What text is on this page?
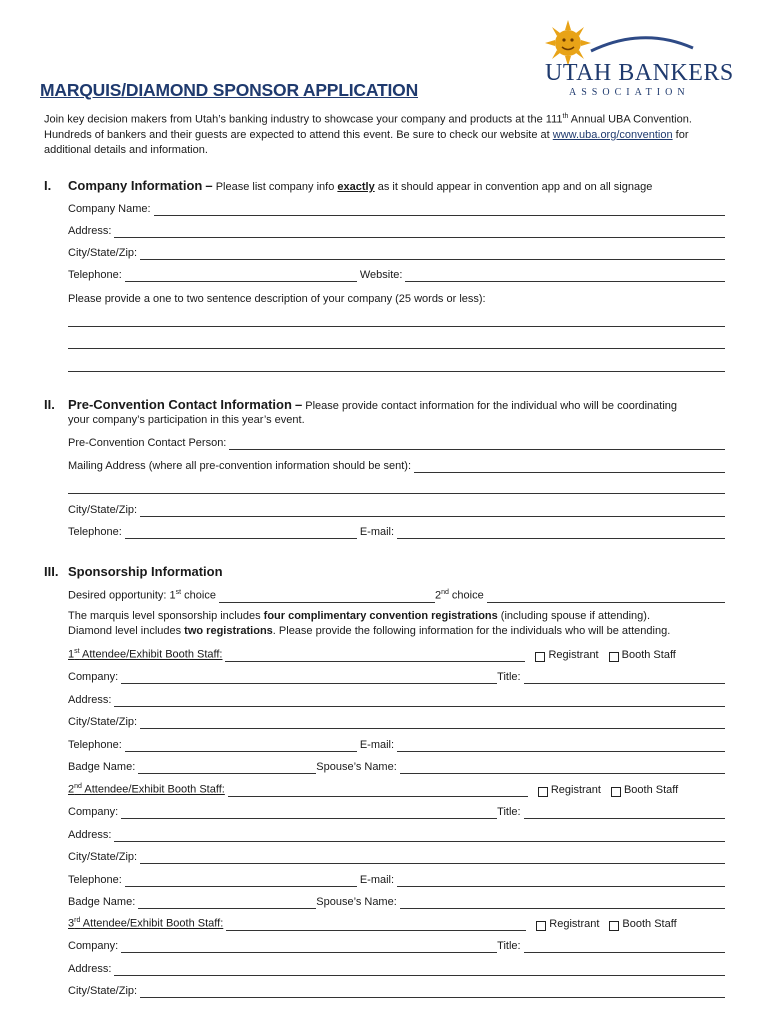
UTAH BANKERS
ASSOCIATION
MARQUIS/DIAMOND SPONSOR APPLICATION
Join key decision makers from Utah’s banking industry to showcase your company and products at the 111th Annual UBA Convention. Hundreds of bankers and their guests are expected to attend this event. Be sure to check our website at www.uba.org/convention for additional details and information.
I. Company Information – Please list company info exactly as it should appear in convention app and on all signage
Company Name:
Address:
City/State/Zip:
Telephone:	Website:
Please provide a one to two sentence description of your company (25 words or less):
II. Pre-Convention Contact Information – Please provide contact information for the individual who will be coordinating
your company’s participation in this year’s event.
Pre-Convention Contact Person:
Mailing Address (where all pre-convention information should be sent):
City/State/Zip:
Telephone:	E-mail:
III. Sponsorship Information
Desired opportunity: 1st choice	2nd choice
The marquis level sponsorship includes four complimentary convention registrations (including spouse if attending).
Diamond level includes two registrations. Please provide the following information for the individuals who will be attending.
1st Attendee/Exhibit Booth Staff:	Registrant Booth Staff
Company:	Title:
Address:
City/State/Zip:
Telephone:	E-mail:
Badge Name:	Spouse’s Name:
2nd Attendee/Exhibit Booth Staff:	Registrant Booth Staff
Company:	Title:
Address:
City/State/Zip:
Telephone:	E-mail:
Badge Name:	Spouse’s Name:
3rd Attendee/Exhibit Booth Staff:	Registrant Booth Staff
Company:	Title:
Address:
City/State/Zip:
